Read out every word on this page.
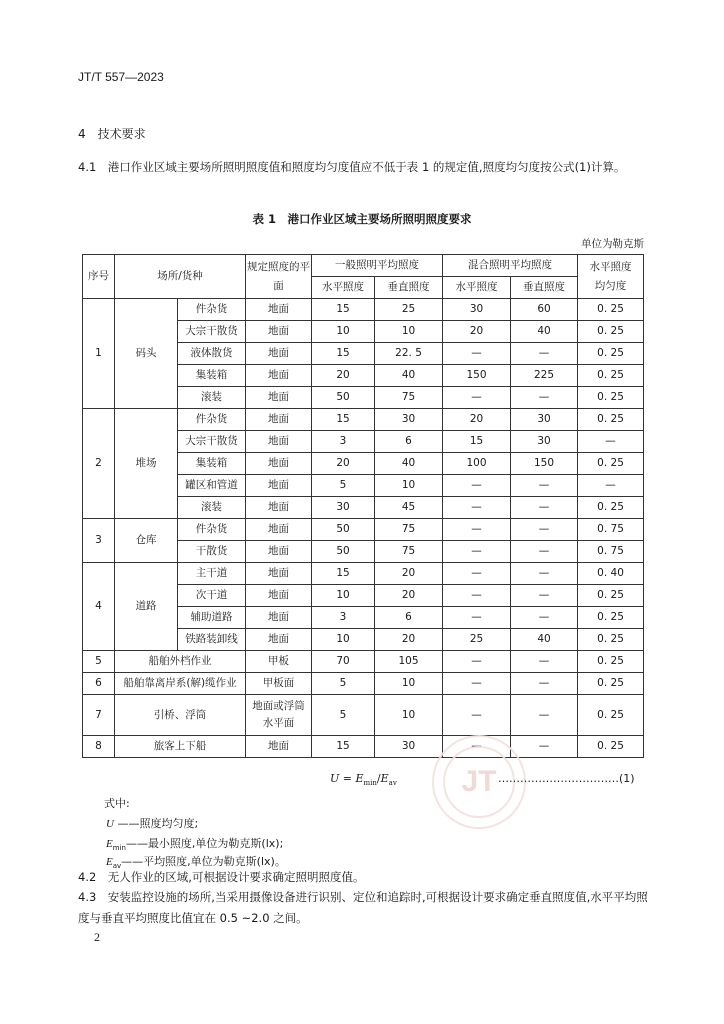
JT/T 557—2023
4　技术要求
4.1　港口作业区域主要场所照明照度值和照度均匀度值应不低于表 1 的规定值,照度均匀度按公式(1)计算。
表 1　港口作业区域主要场所照明照度要求
单位为勒克斯
序号	场所/货种		规定照度的平面	一般照明平均照度		混合照明平均照度		水平照度均匀度
				水平照度	垂直照度	水平照度	垂直照度	
1	码头	件杂货	地面	15	25	30	60	0. 25
		大宗干散货	地面	10	10	20	40	0. 25
		液体散货	地面	15	22. 5	—	—	0. 25
		集装箱	地面	20	40	150	225	0. 25
		滚装	地面	50	75	—	—	0. 25
2	堆场	件杂货	地面	15	30	20	30	0. 25
		大宗干散货	地面	3	6	15	30	—
		集装箱	地面	20	40	100	150	0. 25
		罐区和管道	地面	5	10	—	—	—
		滚装	地面	30	45	—	—	0. 25
3	仓库	件杂货	地面	50	75	—	—	0. 75
		干散货	地面	50	75	—	—	0. 75
4	道路	主干道	地面	15	20	—	—	0. 40
		次干道	地面	10	20	—	—	0. 25
		辅助道路	地面	3	6	—	—	0. 25
		铁路装卸线	地面	10	20	25	40	0. 25
5	船舶外档作业		甲板	70	105	—	—	0. 25
6	船舶靠离岸系(解)缆作业		甲板面	5	10	—	—	0. 25
7	引桥、浮筒		地面或浮筒水平面	5	10	—	—	0. 25
8	旅客上下船		地面	15	30	—	—	0. 25
JT
$U = E_{min}/E_{av}$	……………………………(1)
式中:
U ——照度均匀度;
$E_{min}——$最小照度,单位为勒克斯(lx);
$E_{av}——$平均照度,单位为勒克斯(lx)。
4.2　无人作业的区域,可根据设计要求确定照明照度值。
4.3　安装监控设施的场所,当采用摄像设备进行识别、定位和追踪时,可根据设计要求确定垂直照度值,水平平均照度与垂直平均照度比值宜在 0.5 ~2.0 之间。
2
